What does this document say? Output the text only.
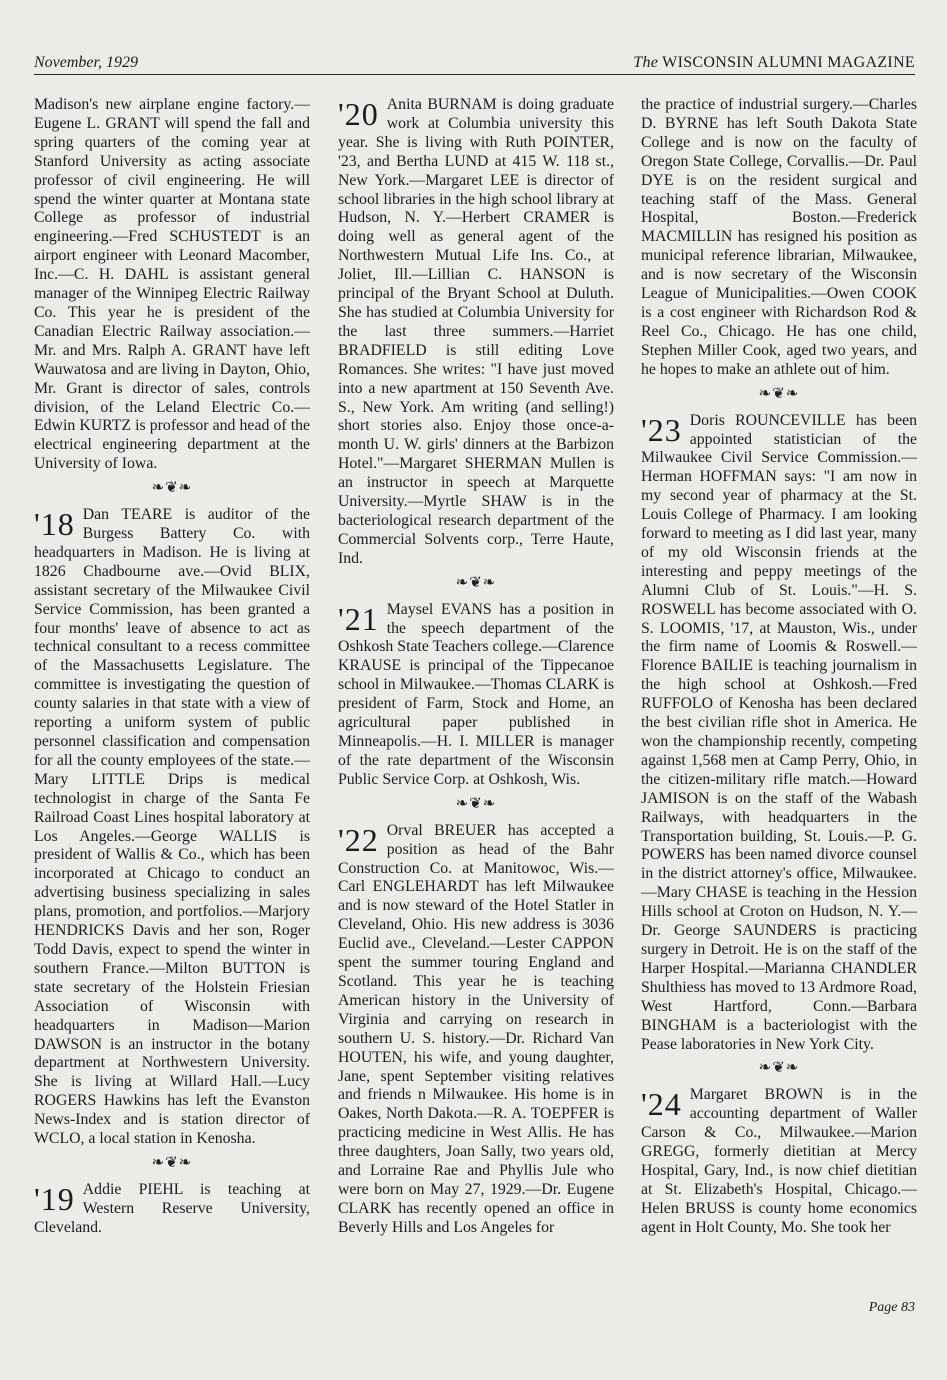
November, 1929	The WISCONSIN ALUMNI MAGAZINE

Madison's new airplane engine factory.—Eugene L. GRANT will spend the fall and spring quarters of the coming year at Stanford University as acting associate professor of civil engineering. He will spend the winter quarter at Montana state College as professor of industrial engineering.—Fred SCHUSTEDT is an airport engineer with Leonard Macomber, Inc.—C. H. DAHL is assistant general manager of the Winnipeg Electric Railway Co. This year he is president of the Canadian Electric Railway association.—Mr. and Mrs. Ralph A. GRANT have left Wauwatosa and are living in Dayton, Ohio, Mr. Grant is director of sales, controls division, of the Leland Electric Co.—Edwin KURTZ is professor and head of the electrical engineering department at the University of Iowa.

❧❦❧
'18 Dan TEARE is auditor of the Burgess Battery Co. with headquarters in Madison. He is living at 1826 Chadbourne ave.—Ovid BLIX, assistant secretary of the Milwaukee Civil Service Commission, has been granted a four months' leave of absence to act as technical consultant to a recess committee of the Massachusetts Legislature. The committee is investigating the question of county salaries in that state with a view of reporting a uniform system of public personnel classification and compensation for all the county employees of the state.—Mary LITTLE Drips is medical technologist in charge of the Santa Fe Railroad Coast Lines hospital laboratory at Los Angeles.—George WALLIS is president of Wallis & Co., which has been incorporated at Chicago to conduct an advertising business specializing in sales plans, promotion, and portfolios.—Marjory HENDRICKS Davis and her son, Roger Todd Davis, expect to spend the winter in southern France.—Milton BUTTON is state secretary of the Holstein Friesian Association of Wisconsin with headquarters in Madison—Marion DAWSON is an instructor in the botany department at Northwestern University. She is living at Willard Hall.—Lucy ROGERS Hawkins has left the Evanston News-Index and is station director of WCLO, a local station in Kenosha.

❧❦❧
'19 Addie PIEHL is teaching at Western Reserve University, Cleveland.

'20 Anita BURNAM is doing graduate work at Columbia university this year. She is living with Ruth POINTER, '23, and Bertha LUND at 415 W. 118 st., New York.—Margaret LEE is director of school libraries in the high school library at Hudson, N. Y.—Herbert CRAMER is doing well as general agent of the Northwestern Mutual Life Ins. Co., at Joliet, Ill.—Lillian C. HANSON is principal of the Bryant School at Duluth. She has studied at Columbia University for the last three summers.—Harriet BRADFIELD is still editing Love Romances. She writes: "I have just moved into a new apartment at 150 Seventh Ave. S., New York. Am writing (and selling!) short stories also. Enjoy those once-a-month U. W. girls' dinners at the Barbizon Hotel."—Margaret SHERMAN Mullen is an instructor in speech at Marquette University.—Myrtle SHAW is in the bacteriological research department of the Commercial Solvents corp., Terre Haute, Ind.

❧❦❧
'21 Maysel EVANS has a position in the speech department of the Oshkosh State Teachers college.—Clarence KRAUSE is principal of the Tippecanoe school in Milwaukee.—Thomas CLARK is president of Farm, Stock and Home, an agricultural paper published in Minneapolis.—H. I. MILLER is manager of the rate department of the Wisconsin Public Service Corp. at Oshkosh, Wis.

❧❦❧
'22 Orval BREUER has accepted a position as head of the Bahr Construction Co. at Manitowoc, Wis.—Carl ENGLEHARDT has left Milwaukee and is now steward of the Hotel Statler in Cleveland, Ohio. His new address is 3036 Euclid ave., Cleveland.—Lester CAPPON spent the summer touring England and Scotland. This year he is teaching American history in the University of Virginia and carrying on research in southern U. S. history.—Dr. Richard Van HOUTEN, his wife, and young daughter, Jane, spent September visiting relatives and friends n Milwaukee. His home is in Oakes, North Dakota.—R. A. TOEPFER is practicing medicine in West Allis. He has three daughters, Joan Sally, two years old, and Lorraine Rae and Phyllis Jule who were born on May 27, 1929.—Dr. Eugene CLARK has recently opened an office in Beverly Hills and Los Angeles for

the practice of industrial surgery.—Charles D. BYRNE has left South Dakota State College and is now on the faculty of Oregon State College, Corvallis.—Dr. Paul DYE is on the resident surgical and teaching staff of the Mass. General Hospital, Boston.—Frederick MACMILLIN has resigned his position as municipal reference librarian, Milwaukee, and is now secretary of the Wisconsin League of Municipalities.—Owen COOK is a cost engineer with Richardson Rod & Reel Co., Chicago. He has one child, Stephen Miller Cook, aged two years, and he hopes to make an athlete out of him.

❧❦❧
'23 Doris ROUNCEVILLE has been appointed statistician of the Milwaukee Civil Service Commission.—Herman HOFFMAN says: "I am now in my second year of pharmacy at the St. Louis College of Pharmacy. I am looking forward to meeting as I did last year, many of my old Wisconsin friends at the interesting and peppy meetings of the Alumni Club of St. Louis."—H. S. ROSWELL has become associated with O. S. LOOMIS, '17, at Mauston, Wis., under the firm name of Loomis & Roswell.—Florence BAILIE is teaching journalism in the high school at Oshkosh.—Fred RUFFOLO of Kenosha has been declared the best civilian rifle shot in America. He won the championship recently, competing against 1,568 men at Camp Perry, Ohio, in the citizen-military rifle match.—Howard JAMISON is on the staff of the Wabash Railways, with headquarters in the Transportation building, St. Louis.—P. G. POWERS has been named divorce counsel in the district attorney's office, Milwaukee.—Mary CHASE is teaching in the Hession Hills school at Croton on Hudson, N. Y.—Dr. George SAUNDERS is practicing surgery in Detroit. He is on the staff of the Harper Hospital.—Marianna CHANDLER Shulthiess has moved to 13 Ardmore Road, West Hartford, Conn.—Barbara BINGHAM is a bacteriologist with the Pease laboratories in New York City.

❧❦❧
'24 Margaret BROWN is in the accounting department of Waller Carson & Co., Milwaukee.—Marion GREGG, formerly dietitian at Mercy Hospital, Gary, Ind., is now chief dietitian at St. Elizabeth's Hospital, Chicago.—Helen BRUSS is county home economics agent in Holt County, Mo. She took her

Page 83
